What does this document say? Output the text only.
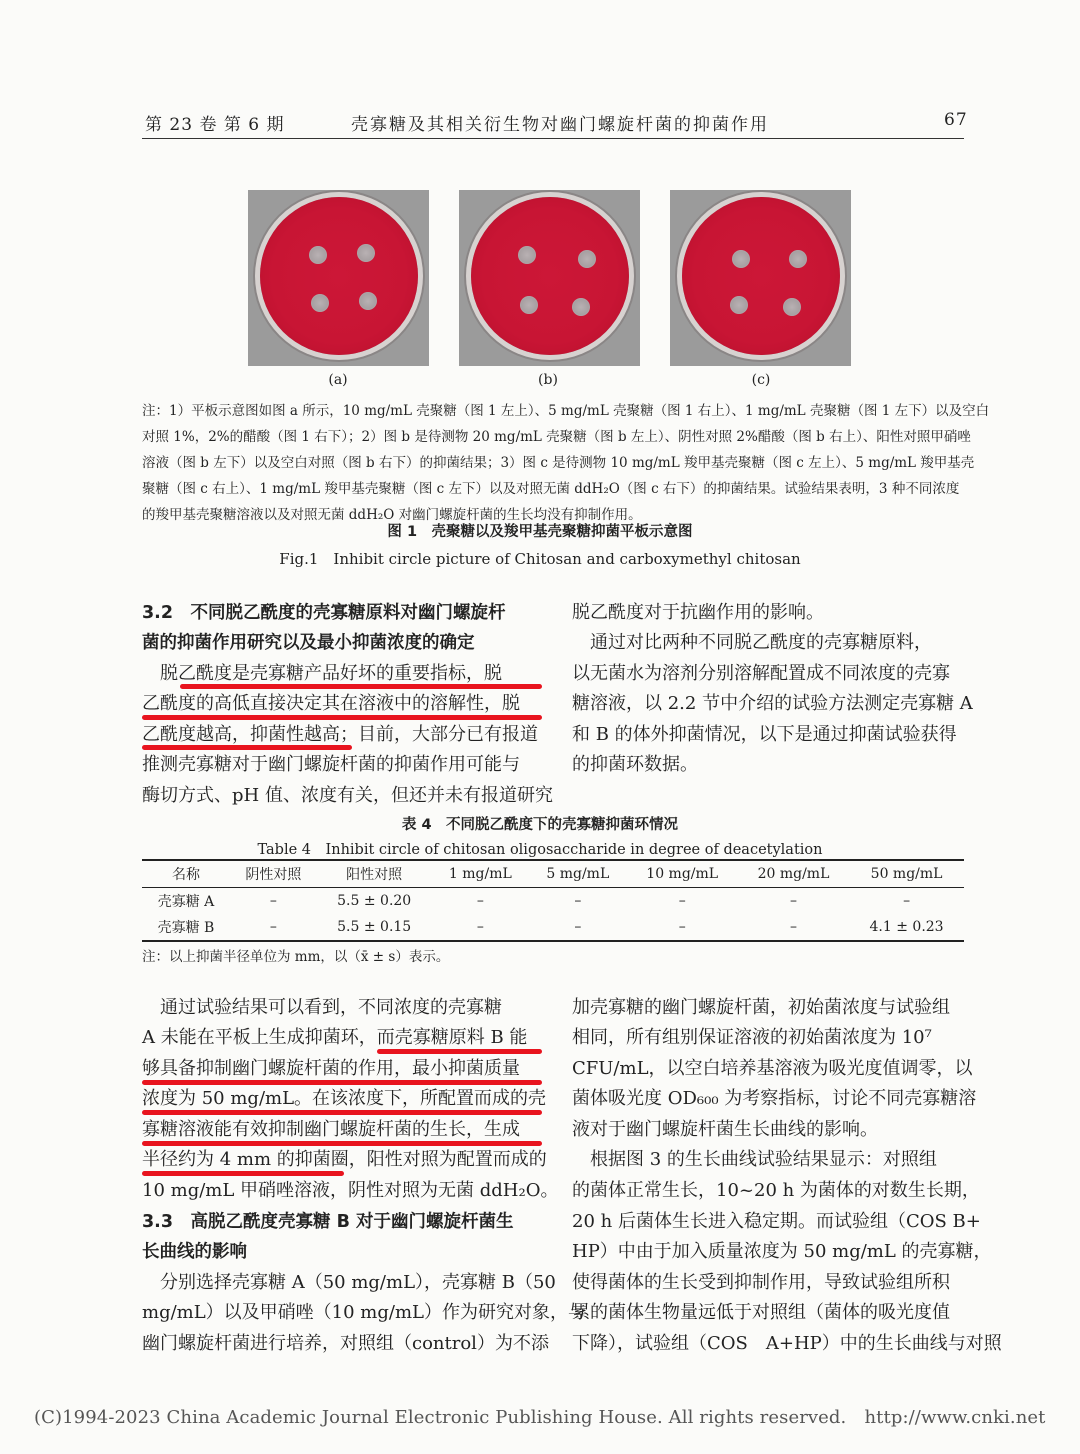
第 23 卷 第 6 期	壳寡糖及其相关衍生物对幽门螺旋杆菌的抑菌作用	67
(a)	(b)	(c)
注：1）平板示意图如图 a 所示，10 mg/mL 壳聚糖（图 1 左上）、5 mg/mL 壳聚糖（图 1 右上）、1 mg/mL 壳聚糖（图 1 左下）以及空白
对照 1%，2%的醋酸（图 1 右下）；2）图 b 是待测物 20 mg/mL 壳聚糖（图 b 左上）、阴性对照 2%醋酸（图 b 右上）、阳性对照甲硝唑
溶液（图 b 左下）以及空白对照（图 b 右下）的抑菌结果；3）图 c 是待测物 10 mg/mL 羧甲基壳聚糖（图 c 左上）、5 mg/mL 羧甲基壳
聚糖（图 c 右上）、1 mg/mL 羧甲基壳聚糖（图 c 左下）以及对照无菌 ddH₂O（图 c 右下）的抑菌结果。试验结果表明，3 种不同浓度
的羧甲基壳聚糖溶液以及对照无菌 ddH₂O 对幽门螺旋杆菌的生长均没有抑制作用。
图 1　壳聚糖以及羧甲基壳聚糖抑菌平板示意图
Fig.1　Inhibit circle picture of Chitosan and carboxymethyl chitosan
3.2　不同脱乙酰度的壳寡糖原料对幽门螺旋杆
菌的抑菌作用研究以及最小抑菌浓度的确定
　脱乙酰度是壳寡糖产品好坏的重要指标，脱
乙酰度的高低直接决定其在溶液中的溶解性，脱
乙酰度越高，抑菌性越高；目前，大部分已有报道
推测壳寡糖对于幽门螺旋杆菌的抑菌作用可能与
酶切方式、pH 值、浓度有关，但还并未有报道研究
脱乙酰度对于抗幽作用的影响。
　通过对比两种不同脱乙酰度的壳寡糖原料，
以无菌水为溶剂分别溶解配置成不同浓度的壳寡
糖溶液，以 2.2 节中介绍的试验方法测定壳寡糖 A
和 B 的体外抑菌情况，以下是通过抑菌试验获得
的抑菌环数据。
表 4　不同脱乙酰度下的壳寡糖抑菌环情况
Table 4　Inhibit circle of chitosan oligosaccharide in degree of deacetylation
名称	阴性对照	阳性对照	1 mg/mL	5 mg/mL	10 mg/mL	20 mg/mL	50 mg/mL
壳寡糖 A	–	5.5 ± 0.20	–	–	–	–	–
壳寡糖 B	–	5.5 ± 0.15	–	–	–	–	4.1 ± 0.23
注：以上抑菌半径单位为 mm，以（x̄ ± s）表示。
　通过试验结果可以看到，不同浓度的壳寡糖
A 未能在平板上生成抑菌环，而壳寡糖原料 B 能
够具备抑制幽门螺旋杆菌的作用，最小抑菌质量
浓度为 50 mg/mL。在该浓度下，所配置而成的壳
寡糖溶液能有效抑制幽门螺旋杆菌的生长，生成
半径约为 4 mm 的抑菌圈，阳性对照为配置而成的
10 mg/mL 甲硝唑溶液，阴性对照为无菌 ddH₂O。
3.3　高脱乙酰度壳寡糖 B 对于幽门螺旋杆菌生
长曲线的影响
　分别选择壳寡糖 A（50 mg/mL），壳寡糖 B（50
mg/mL）以及甲硝唑（10 mg/mL）作为研究对象，与
幽门螺旋杆菌进行培养，对照组（control）为不添
加壳寡糖的幽门螺旋杆菌，初始菌浓度与试验组
相同，所有组别保证溶液的初始菌浓度为 10⁷
CFU/mL，以空白培养基溶液为吸光度值调零，以
菌体吸光度 OD₆₀₀ 为考察指标，讨论不同壳寡糖溶
液对于幽门螺旋杆菌生长曲线的影响。
　根据图 3 的生长曲线试验结果显示：对照组
的菌体正常生长，10~20 h 为菌体的对数生长期，
20 h 后菌体生长进入稳定期。而试验组（COS B+
HP）中由于加入质量浓度为 50 mg/mL 的壳寡糖，
使得菌体的生长受到抑制作用，导致试验组所积
累的菌体生物量远低于对照组（菌体的吸光度值
下降），试验组（COS　A+HP）中的生长曲线与对照
(C)1994-2023 China Academic Journal Electronic Publishing House. All rights reserved.　http://www.cnki.net
